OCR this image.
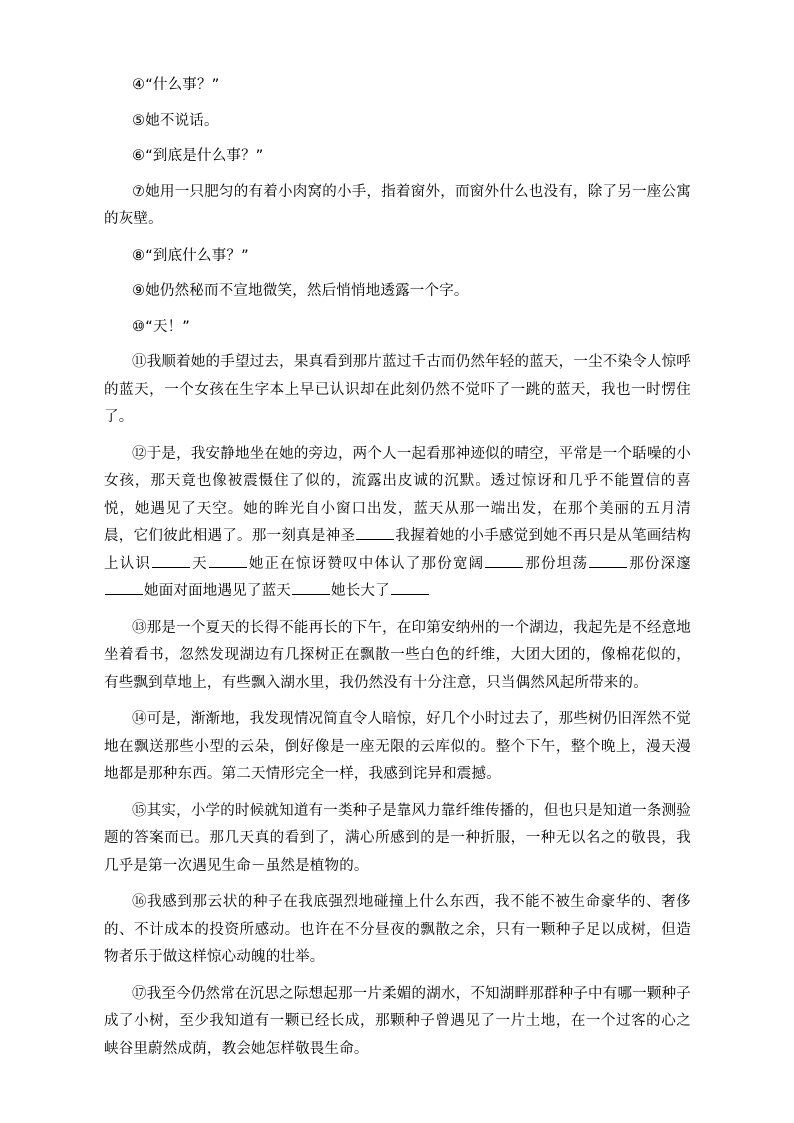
④“什么事？”

⑤她不说话。

⑥“到底是什么事？”

⑦她用一只肥匀的有着小肉窝的小手，指着窗外，而窗外什么也没有，除了另一座公寓的灰壁。

⑧“到底什么事？”

⑨她仍然秘而不宣地微笑，然后悄悄地透露一个字。

⑩“天！”

⑪我顺着她的手望过去，果真看到那片蓝过千古而仍然年轻的蓝天，一尘不染令人惊呼的蓝天，一个女孩在生字本上早已认识却在此刻仍然不觉吓了一跳的蓝天，我也一时愣住了。

⑫于是，我安静地坐在她的旁边，两个人一起看那神迹似的晴空，平常是一个聒噪的小女孩，那天竟也像被震慑住了似的，流露出皮诚的沉默。透过惊讶和几乎不能置信的喜悦，她遇见了天空。她的眸光自小窗口出发，蓝天从那一端出发，在那个美丽的五月清晨，它们彼此相遇了。那一刻真是神圣	我握着她的小手感觉到她不再只是从笔画结构上认识	天	她正在惊讶赞叹中体认了那份宽阔	那份坦荡	那份深邃她面对面地遇见了蓝天	她长大了

⑬那是一个夏天的长得不能再长的下午，在印第安纳州的一个湖边，我起先是不经意地坐着看书，忽然发现湖边有几探树正在飘散一些白色的纤维，大团大团的，像棉花似的，有些飘到草地上，有些飘入湖水里，我仍然没有十分注意，只当偶然风起所带来的。

⑭可是，渐渐地，我发现情况简直令人暗惊，好几个小时过去了，那些树仍旧浑然不觉地在飘送那些小型的云朵，倒好像是一座无限的云库似的。整个下午，整个晚上，漫天漫地都是那种东西。第二天情形完全一样，我感到诧异和震撼。

⑮其实，小学的时候就知道有一类种子是靠风力靠纤维传播的，但也只是知道一条测验题的答案而已。那几天真的看到了，满心所感到的是一种折服，一种无以名之的敬畏，我几乎是第一次遇见生命－虽然是植物的。

⑯我感到那云状的种子在我底强烈地碰撞上什么东西，我不能不被生命豪华的、奢侈的、不计成本的投资所感动。也许在不分昼夜的飘散之余，只有一颗种子足以成树，但造物者乐于做这样惊心动魄的壮举。

⑰我至今仍然常在沉思之际想起那一片柔媚的湖水，不知湖畔那群种子中有哪一颗种子成了小树，至少我知道有一颗已经长成，那颗种子曾遇见了一片土地，在一个过客的心之峡谷里蔚然成荫，教会她怎样敬畏生命。
